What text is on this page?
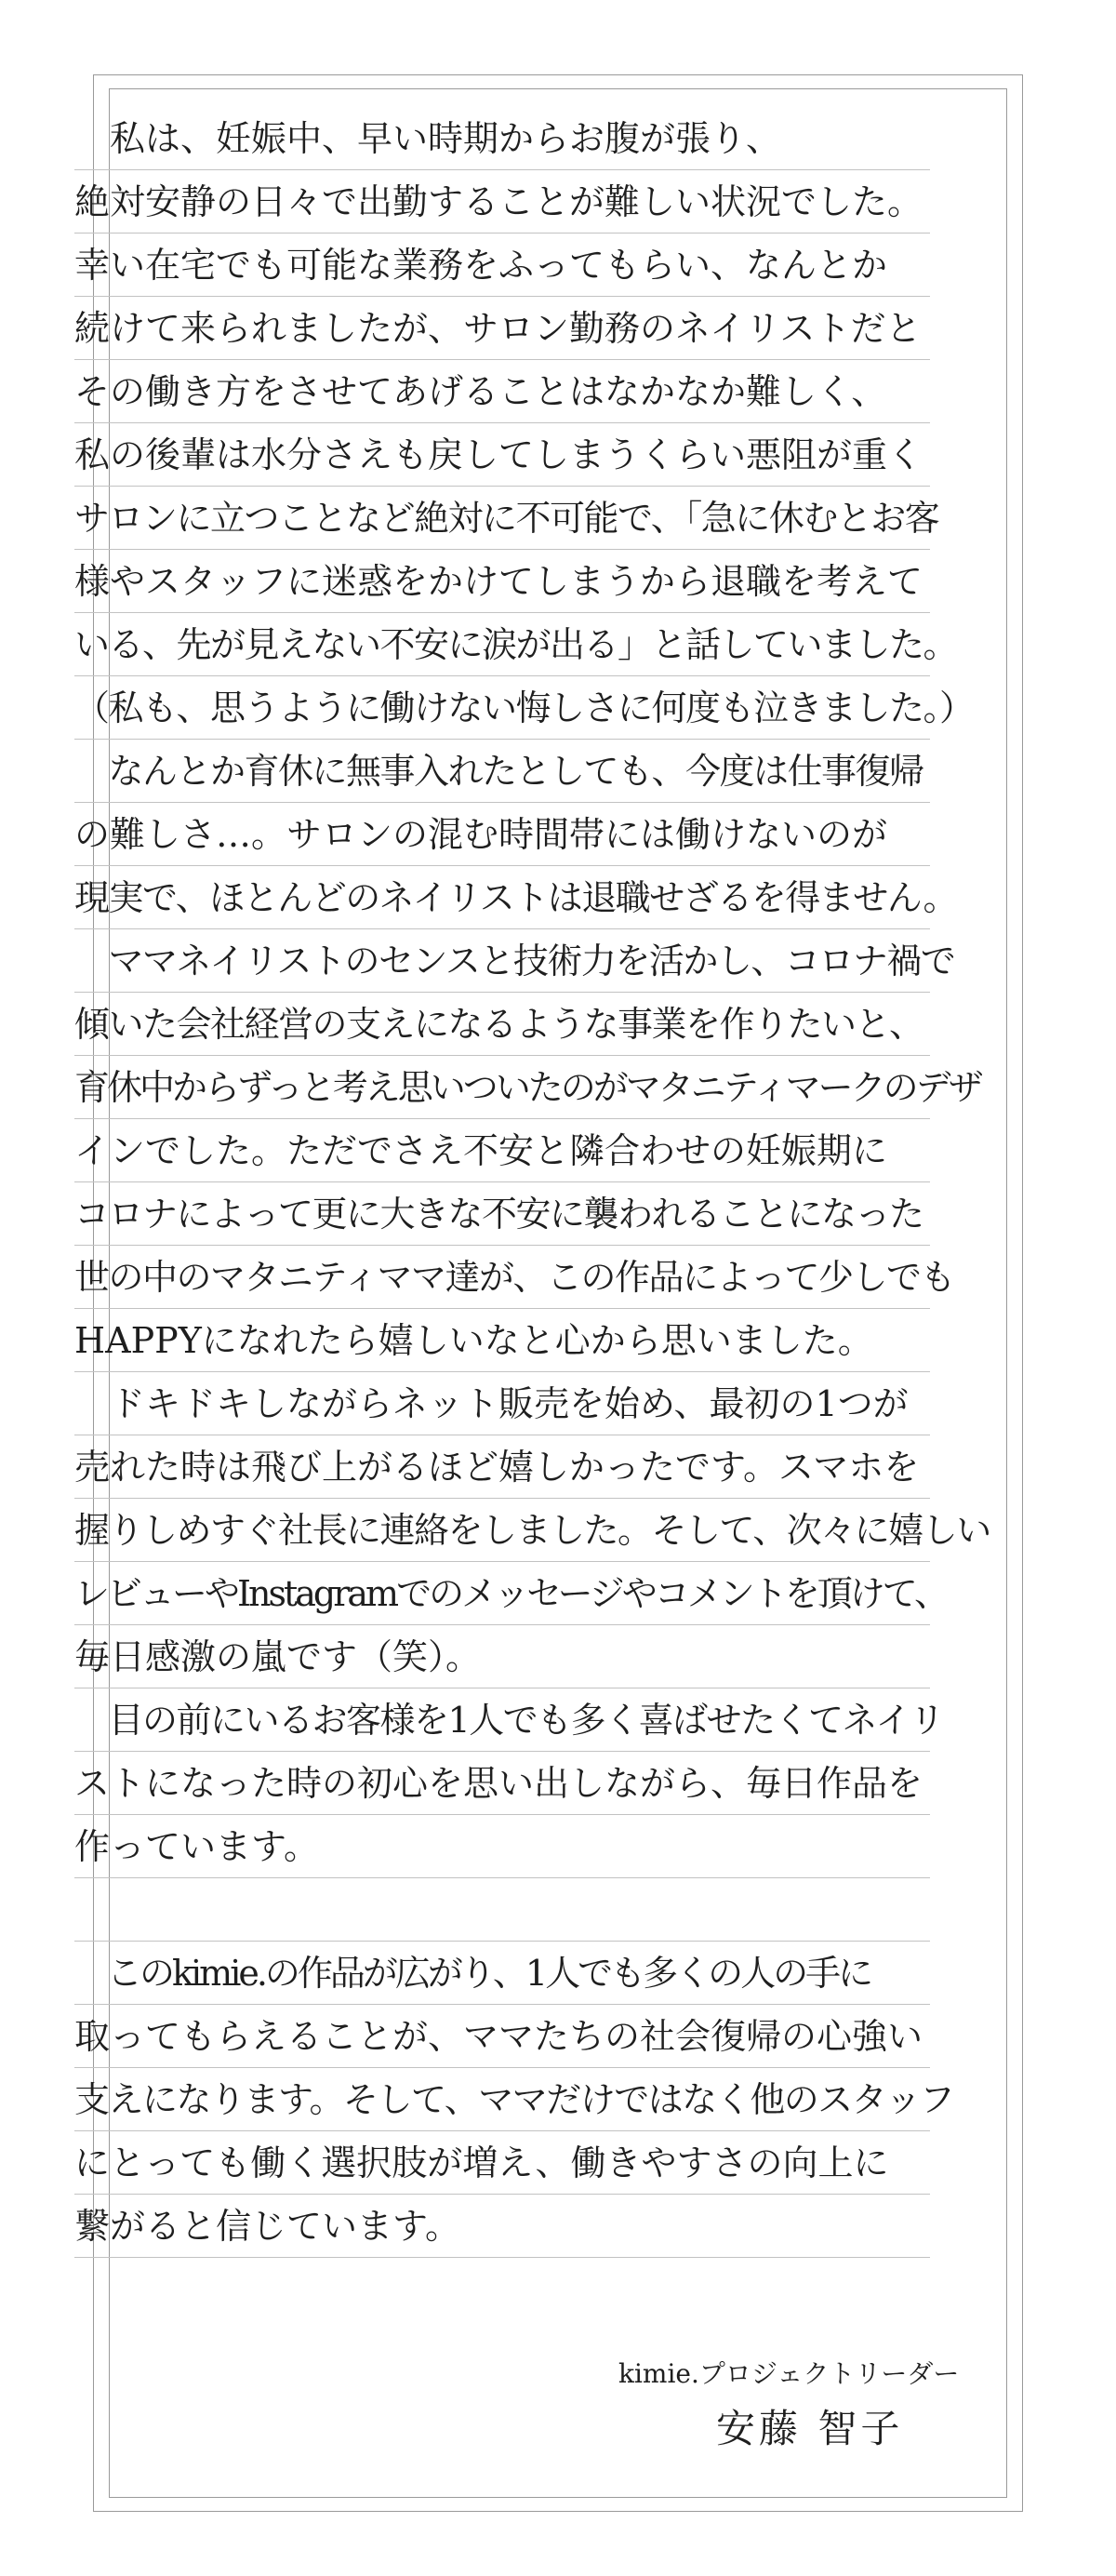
　私は、妊娠中、早い時期からお腹が張り、
絶対安静の日々で出勤することが難しい状況でした。
幸い在宅でも可能な業務をふってもらい、なんとか
続けて来られましたが、サロン勤務のネイリストだと
その働き方をさせてあげることはなかなか難しく、
私の後輩は水分さえも戻してしまうくらい悪阻が重く
サロンに立つことなど絶対に不可能で、「急に休むとお客
様やスタッフに迷惑をかけてしまうから退職を考えて
いる、先が見えない不安に涙が出る」と話していました。
（私も、思うように働けない悔しさに何度も泣きました。）
　なんとか育休に無事入れたとしても、今度は仕事復帰
の難しさ…。サロンの混む時間帯には働けないのが
現実で、ほとんどのネイリストは退職せざるを得ません。
　ママネイリストのセンスと技術力を活かし、コロナ禍で
傾いた会社経営の支えになるような事業を作りたいと、
育休中からずっと考え思いついたのがマタニティマークのデザ
インでした。ただでさえ不安と隣合わせの妊娠期に
コロナによって更に大きな不安に襲われることになった
世の中のマタニティママ達が、この作品によって少しでも
HAPPYになれたら嬉しいなと心から思いました。
　ドキドキしながらネット販売を始め、最初の1つが
売れた時は飛び上がるほど嬉しかったです。スマホを
握りしめすぐ社長に連絡をしました。そして、次々に嬉しい
レビューやInstagramでのメッセージやコメントを頂けて、
毎日感激の嵐です（笑）。
　目の前にいるお客様を1人でも多く喜ばせたくてネイリ
ストになった時の初心を思い出しながら、毎日作品を
作っています。
　このkimie.の作品が広がり、1人でも多くの人の手に
取ってもらえることが、ママたちの社会復帰の心強い
支えになります。そして、ママだけではなく他のスタッフ
にとっても働く選択肢が増え、働きやすさの向上に
繋がると信じています。
kimie.プロジェクトリーダー
安藤 智子
